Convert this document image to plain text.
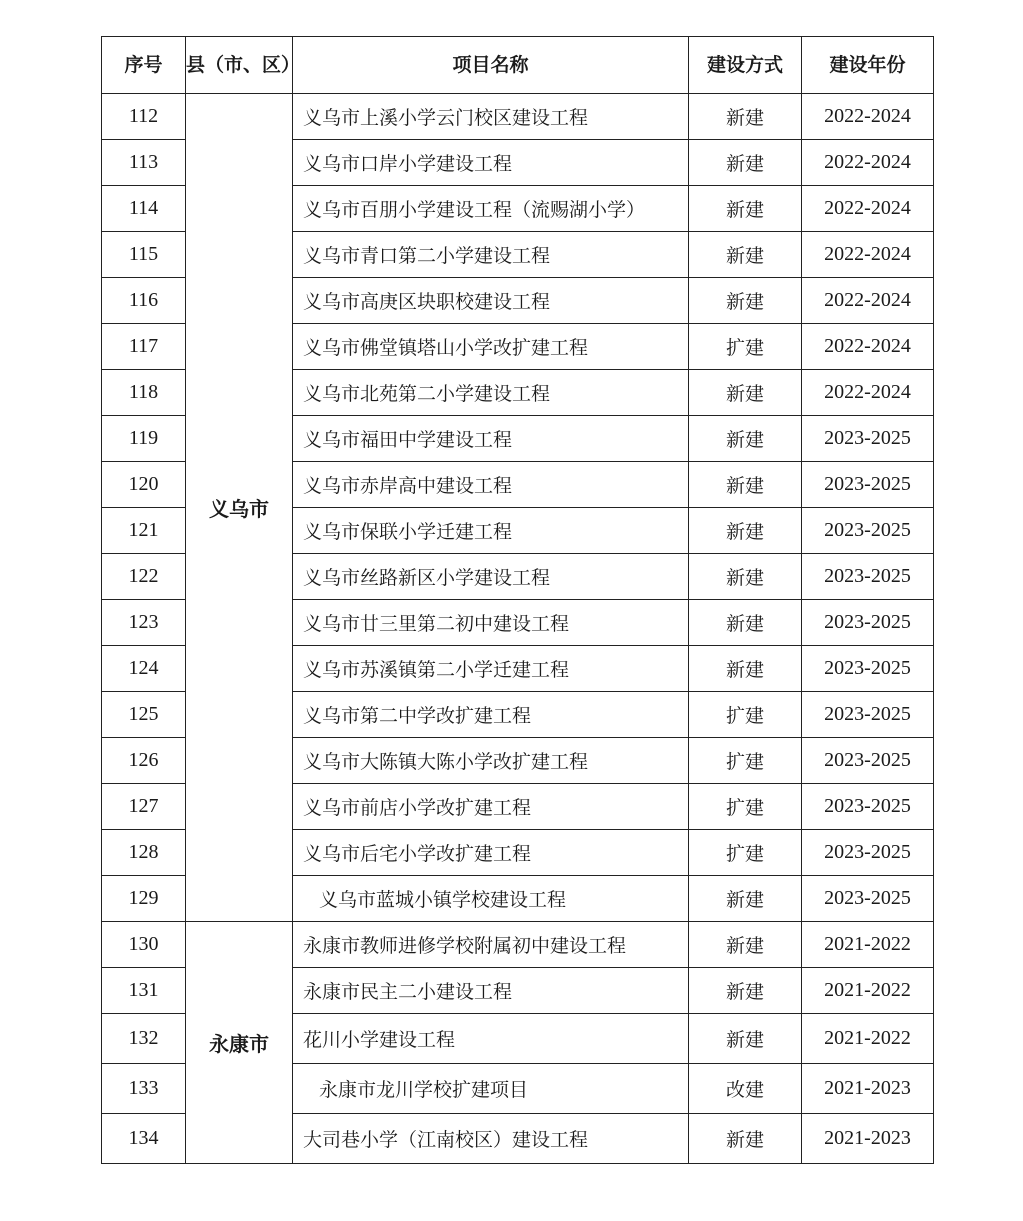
序号	县（市、区）	项目名称	建设方式	建设年份
112	义乌市	义乌市上溪小学云门校区建设工程	新建	2022-2024
113		义乌市口岸小学建设工程	新建	2022-2024
114		义乌市百朋小学建设工程（流赐湖小学）	新建	2022-2024
115		义乌市青口第二小学建设工程	新建	2022-2024
116		义乌市高庚区块职校建设工程	新建	2022-2024
117		义乌市佛堂镇塔山小学改扩建工程	扩建	2022-2024
118		义乌市北苑第二小学建设工程	新建	2022-2024
119		义乌市福田中学建设工程	新建	2023-2025
120		义乌市赤岸高中建设工程	新建	2023-2025
121		义乌市保联小学迁建工程	新建	2023-2025
122		义乌市丝路新区小学建设工程	新建	2023-2025
123		义乌市廿三里第二初中建设工程	新建	2023-2025
124		义乌市苏溪镇第二小学迁建工程	新建	2023-2025
125		义乌市第二中学改扩建工程	扩建	2023-2025
126		义乌市大陈镇大陈小学改扩建工程	扩建	2023-2025
127		义乌市前店小学改扩建工程	扩建	2023-2025
128		义乌市后宅小学改扩建工程	扩建	2023-2025
129		义乌市蓝城小镇学校建设工程	新建	2023-2025
130	永康市	永康市教师进修学校附属初中建设工程	新建	2021-2022
131		永康市民主二小建设工程	新建	2021-2022
132		花川小学建设工程	新建	2021-2022
133		永康市龙川学校扩建项目	改建	2021-2023
134		大司巷小学（江南校区）建设工程	新建	2021-2023
